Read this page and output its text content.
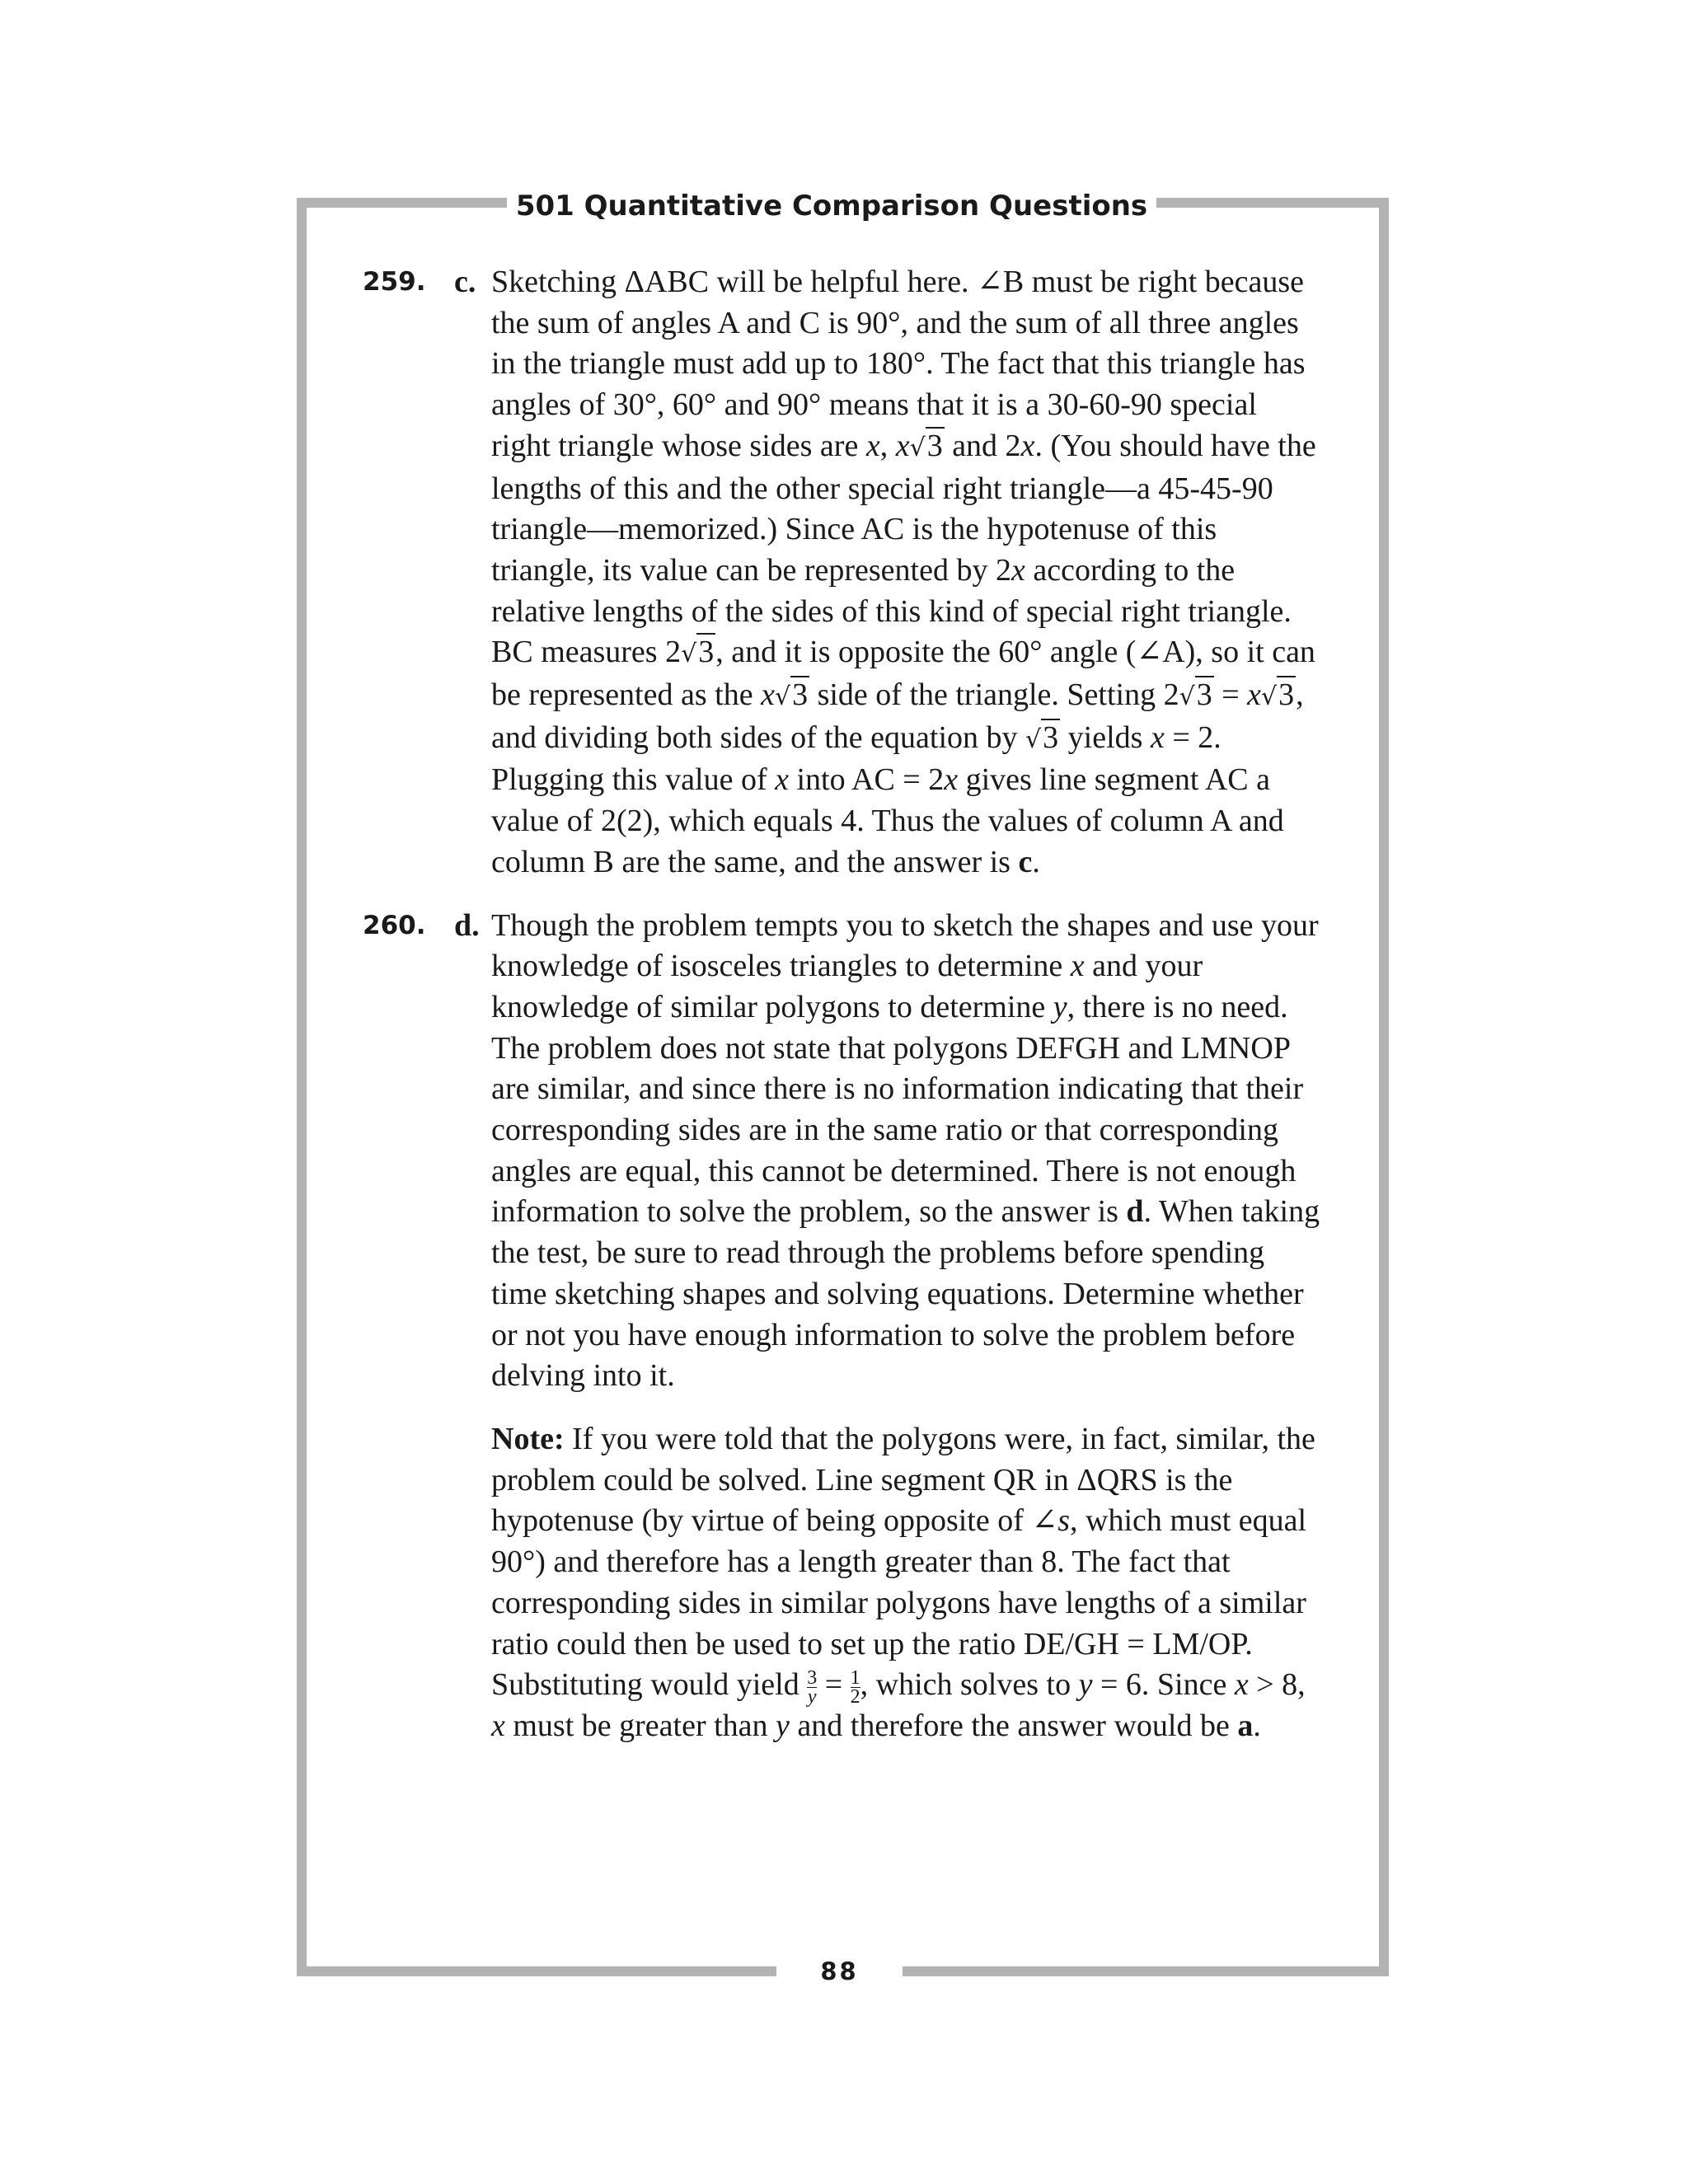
501 Quantitative Comparison Questions
259. c. Sketching ΔABC will be helpful here. ∠B must be right because the sum of angles A and C is 90°, and the sum of all three angles in the triangle must add up to 180°. The fact that this triangle has angles of 30°, 60° and 90° means that it is a 30-60-90 special right triangle whose sides are x, x√3 and 2x. (You should have the lengths of this and the other special right triangle—a 45-45-90 triangle—memorized.) Since AC is the hypotenuse of this triangle, its value can be represented by 2x according to the relative lengths of the sides of this kind of special right triangle. BC measures 2√3, and it is opposite the 60° angle (∠A), so it can be represented as the x√3 side of the triangle. Setting 2√3 = x√3, and dividing both sides of the equation by √3 yields x = 2. Plugging this value of x into AC = 2x gives line segment AC a value of 2(2), which equals 4. Thus the values of column A and column B are the same, and the answer is c.

260. d. Though the problem tempts you to sketch the shapes and use your knowledge of isosceles triangles to determine x and your knowledge of similar polygons to determine y, there is no need. The problem does not state that polygons DEFGH and LMNOP are similar, and since there is no information indicating that their corresponding sides are in the same ratio or that corresponding angles are equal, this cannot be determined. There is not enough information to solve the problem, so the answer is d. When taking the test, be sure to read through the problems before spending time sketching shapes and solving equations. Determine whether or not you have enough information to solve the problem before delving into it.

Note: If you were told that the polygons were, in fact, similar, the problem could be solved. Line segment QR in ΔQRS is the hypotenuse (by virtue of being opposite of ∠s, which must equal 90°) and therefore has a length greater than 8. The fact that corresponding sides in similar polygons have lengths of a similar ratio could then be used to set up the ratio DE/GH = LM/OP. Substituting would yield $\frac{3}{y} = \frac{1}{2}$ , which solves to y = 6. Since x > 8, x must be greater than y and therefore the answer would be a.

88
